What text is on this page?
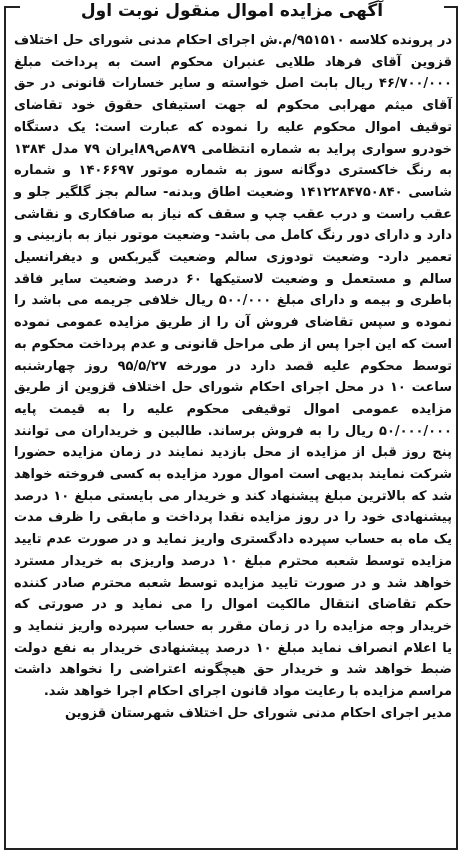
آگهی مزایده اموال منقول نوبت اول

در پرونده کلاسه ۹۵۱۵۱۰/م.ش اجرای احکام مدنی شورای حل اختلاف قزوین آقای فرهاد طلایی عنبران محکوم است به پرداخت مبلغ ۴۶/۷۰۰/۰۰۰ ریال بابت اصل خواسته و سایر خسارات قانونی در حق آقای میثم مهرابی محکوم له جهت استیفای حقوق خود تقاضای توقیف اموال محکوم علیه را نموده که عبارت است: یک دستگاه خودرو سواری پراید به شماره انتظامی ۸۷۹ص۸۹ایران ۷۹ مدل ۱۳۸۴ به رنگ خاکستری دوگانه سوز به شماره موتور ۱۴۰۶۶۹۷ و شماره شاسی ۱۴۱۲۲۸۴۷۵۰۸۴۰ وضعیت اطاق وبدنه- سالم بجز گلگیر جلو و عقب راست و درب عقب چپ و سقف که نیاز به صافکاری و نقاشی دارد و دارای دور رنگ کامل می باشد- وضعیت موتور نیاز به بازبینی و تعمیر دارد- وضعیت تودوزی سالم وضعیت گیربکس و دیفرانسیل سالم و مستعمل و وضعیت لاستیکها ۶۰ درصد وضعیت سایر فاقد باطری و بیمه و دارای مبلغ ۵۰۰/۰۰۰ ریال خلافی جریمه می باشد را نموده و سپس تقاضای فروش آن را از طریق مزایده عمومی نموده است که این اجرا پس از طی مراحل قانونی و عدم پرداخت محکوم به توسط محکوم علیه قصد دارد در مورخه ۹۵/۵/۲۷ روز چهارشنبه ساعت ۱۰ در محل اجرای احکام شورای حل اختلاف قزوین از طریق مزایده عمومی اموال توقیفی محکوم علیه را به قیمت پایه ۵۰/۰۰۰/۰۰۰ ریال را به فروش برساند. طالبین و خریداران می توانند پنج روز قبل از مزایده از محل بازدید نمایند در زمان مزایده حضورا شرکت نمایند بدیهی است اموال مورد مزایده به کسی فروخته خواهد شد که بالاترین مبلغ پیشنهاد کند و خریدار می بایستی مبلغ ۱۰ درصد پیشنهادی خود را در روز مزایده نقدا پرداخت و مابقی را ظرف مدت یک ماه به حساب سپرده دادگستری واریز نماید و در صورت عدم تایید مزایده توسط شعبه محترم مبلغ ۱۰ درصد واریزی به خریدار مسترد خواهد شد و در صورت تایید مزایده توسط شعبه محترم صادر کننده حکم تقاضای انتقال مالکیت اموال را می نماید و در صورتی که خریدار وجه مزایده را در زمان مقرر به حساب سپرده واریز ننماید و یا اعلام انصراف نماید مبلغ ۱۰ درصد پیشنهادی خریدار به نفع دولت ضبط خواهد شد و خریدار حق هیچگونه اعتراضی را نخواهد داشت مراسم مزایده با رعایت مواد قانون اجرای احکام اجرا خواهد شد.

مدیر اجرای احکام مدنی شورای حل اختلاف شهرستان قزوین
